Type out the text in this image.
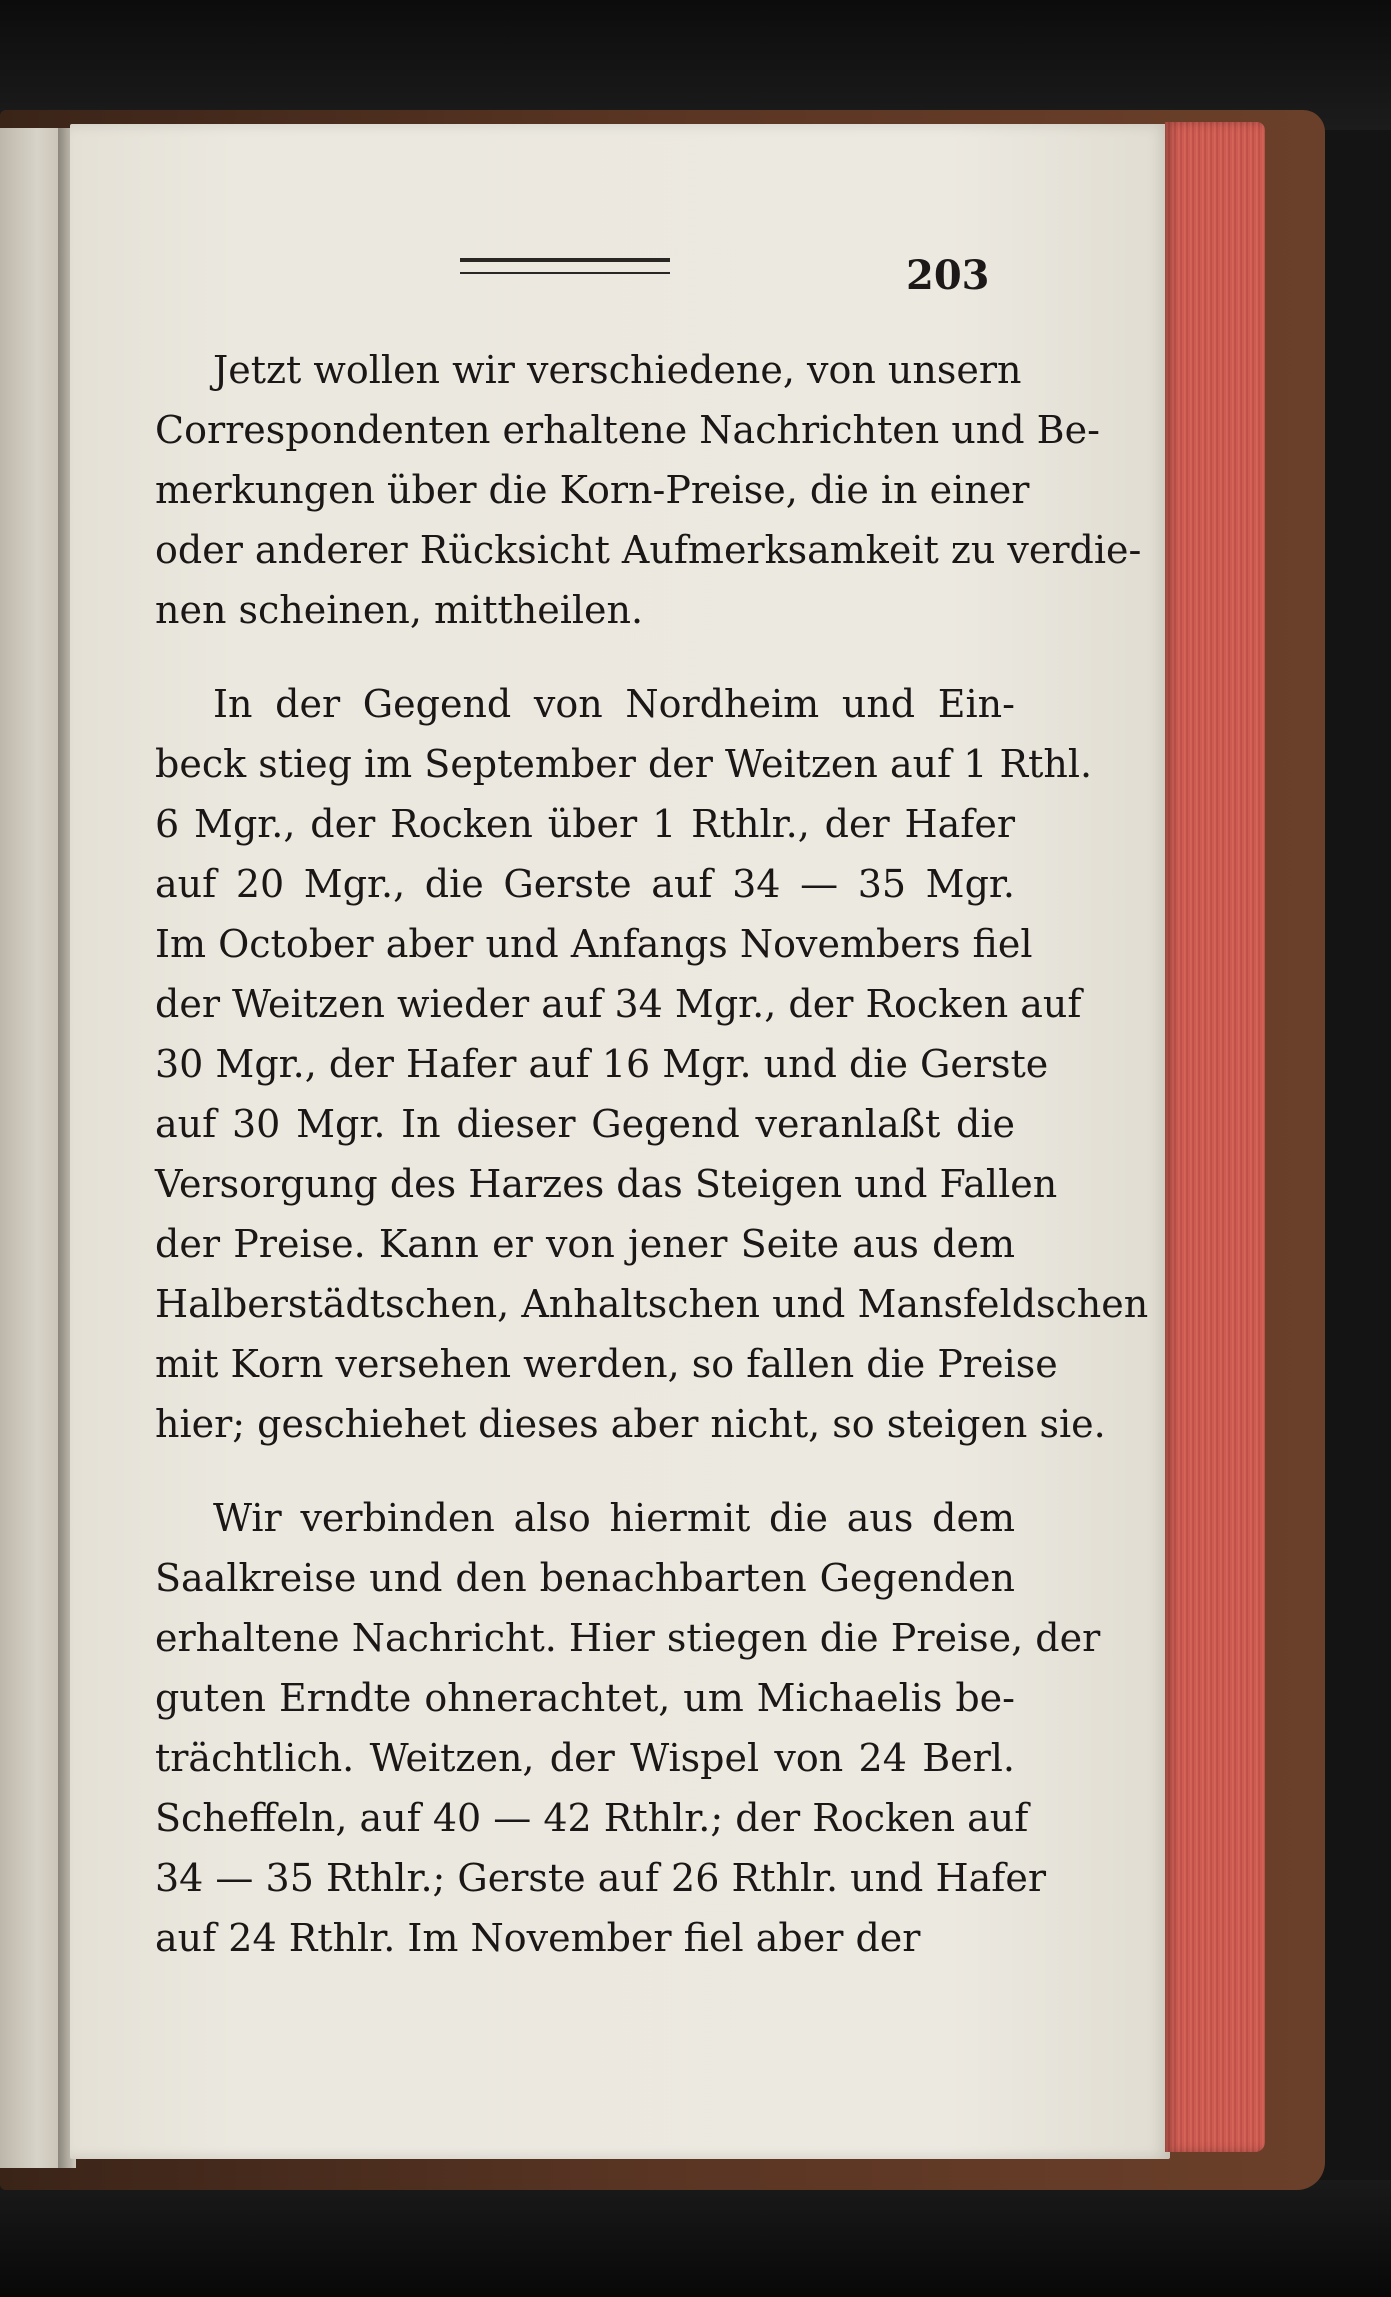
203
Jetzt wollen wir verschiedene, von unsern
Correspondenten erhaltene Nachrichten und Be-
merkungen über die Korn-Preise, die in einer
oder anderer Rücksicht Aufmerksamkeit zu verdie-
nen scheinen, mittheilen.
In der Gegend von Nordheim und Ein-
beck stieg im September der Weitzen auf 1 Rthl.
6 Mgr., der Rocken über 1 Rthlr., der Hafer
auf 20 Mgr., die Gerste auf 34 — 35 Mgr.
Im October aber und Anfangs Novembers fiel
der Weitzen wieder auf 34 Mgr., der Rocken auf
30 Mgr., der Hafer auf 16 Mgr. und die Gerste
auf 30 Mgr. In dieser Gegend veranlaßt die
Versorgung des Harzes das Steigen und Fallen
der Preise. Kann er von jener Seite aus dem
Halberstädtschen, Anhaltschen und Mansfeldschen
mit Korn versehen werden, so fallen die Preise
hier; geschiehet dieses aber nicht, so steigen sie.
Wir verbinden also hiermit die aus dem
Saalkreise und den benachbarten Gegenden
erhaltene Nachricht. Hier stiegen die Preise, der
guten Erndte ohnerachtet, um Michaelis be-
trächtlich. Weitzen, der Wispel von 24 Berl.
Scheffeln, auf 40 — 42 Rthlr.; der Rocken auf
34 — 35 Rthlr.; Gerste auf 26 Rthlr. und Hafer
auf 24 Rthlr. Im November fiel aber der
